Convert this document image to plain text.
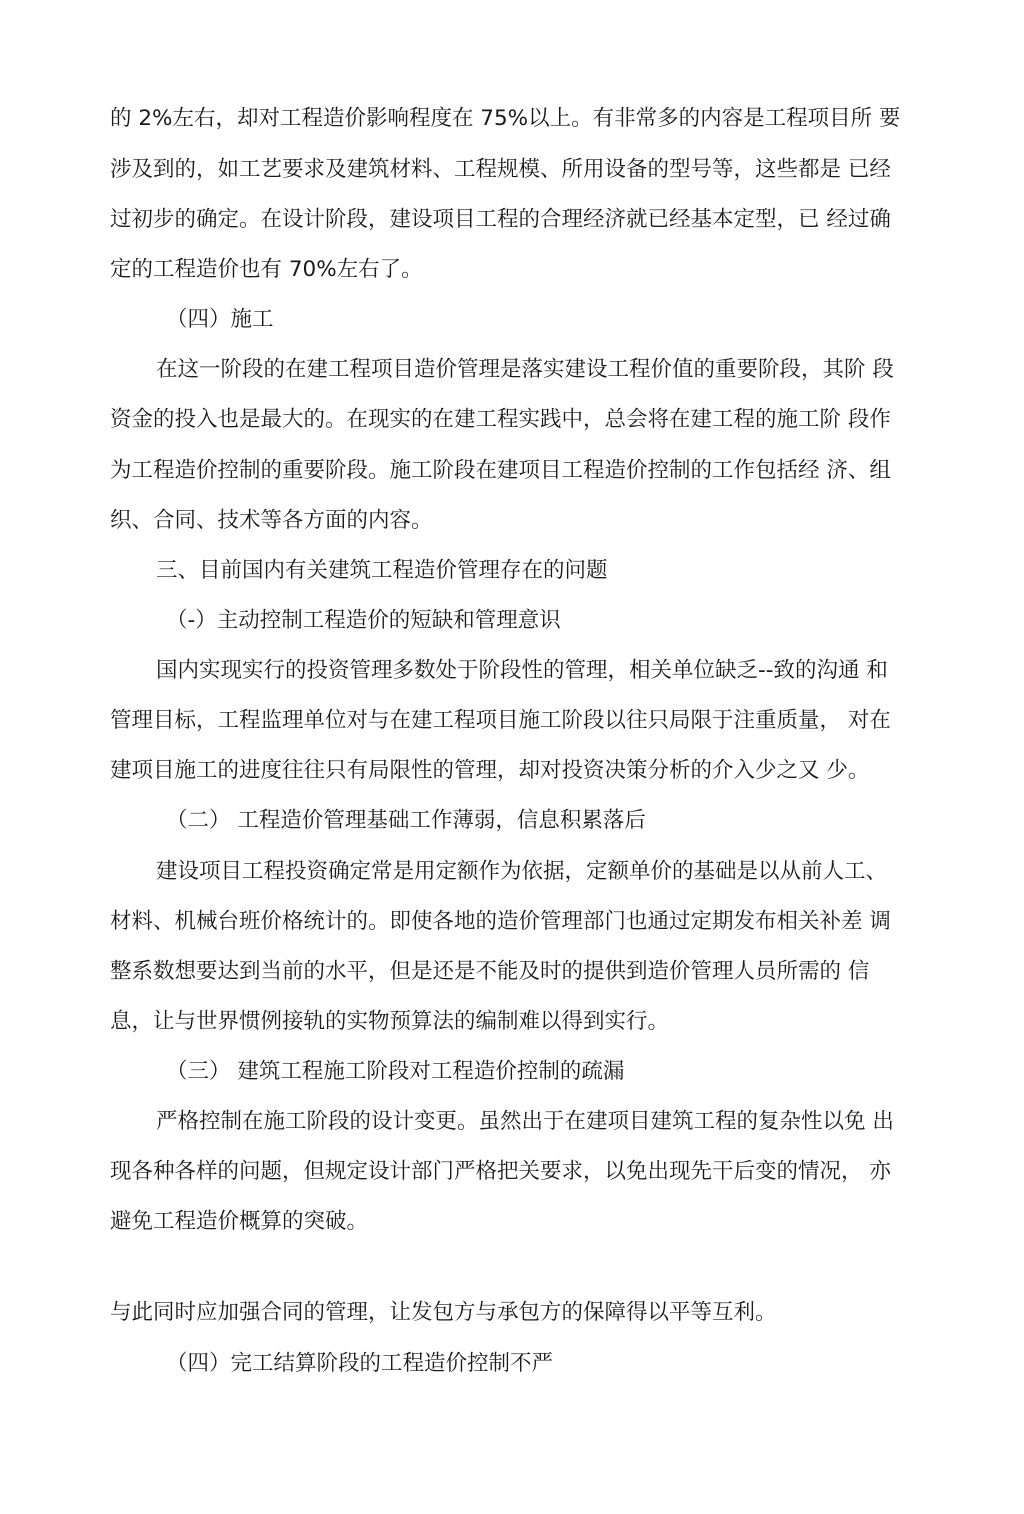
的 2%左右，却对工程造价影响程度在 75%以上。有非常多的内容是工程项目所 要
涉及到的，如工艺要求及建筑材料、工程规模、所用设备的型号等，这些都是 已经
过初步的确定。在设计阶段，建设项目工程的合理经济就已经基本定型，已 经过确
定的工程造价也有 70%左右了。
（四）施工
在这一阶段的在建工程项目造价管理是落实建设工程价值的重要阶段，其阶 段
资金的投入也是最大的。在现实的在建工程实践中，总会将在建工程的施工阶 段作
为工程造价控制的重要阶段。施工阶段在建项目工程造价控制的工作包括经 济、组
织、合同、技术等各方面的内容。
三、目前国内有关建筑工程造价管理存在的问题
（-）主动控制工程造价的短缺和管理意识
国内实现实行的投资管理多数处于阶段性的管理，相关单位缺乏--致的沟通 和
管理目标，工程监理单位对与在建工程项目施工阶段以往只局限于注重质量， 对在
建项目施工的进度往往只有局限性的管理，却对投资决策分析的介入少之又 少。
（二） 工程造价管理基础工作薄弱，信息积累落后
建设项目工程投资确定常是用定额作为依据，定额单价的基础是以从前人工、
材料、机械台班价格统计的。即使各地的造价管理部门也通过定期发布相关补差 调
整系数想要达到当前的水平，但是还是不能及时的提供到造价管理人员所需的 信
息，让与世界惯例接轨的实物预算法的编制难以得到实行。
（三） 建筑工程施工阶段对工程造价控制的疏漏
严格控制在施工阶段的设计变更。虽然出于在建项目建筑工程的复杂性以免 出
现各种各样的问题，但规定设计部门严格把关要求，以免出现先干后变的情况， 亦
避免工程造价概算的突破。
与此同时应加强合同的管理，让发包方与承包方的保障得以平等互利。
（四）完工结算阶段的工程造价控制不严
